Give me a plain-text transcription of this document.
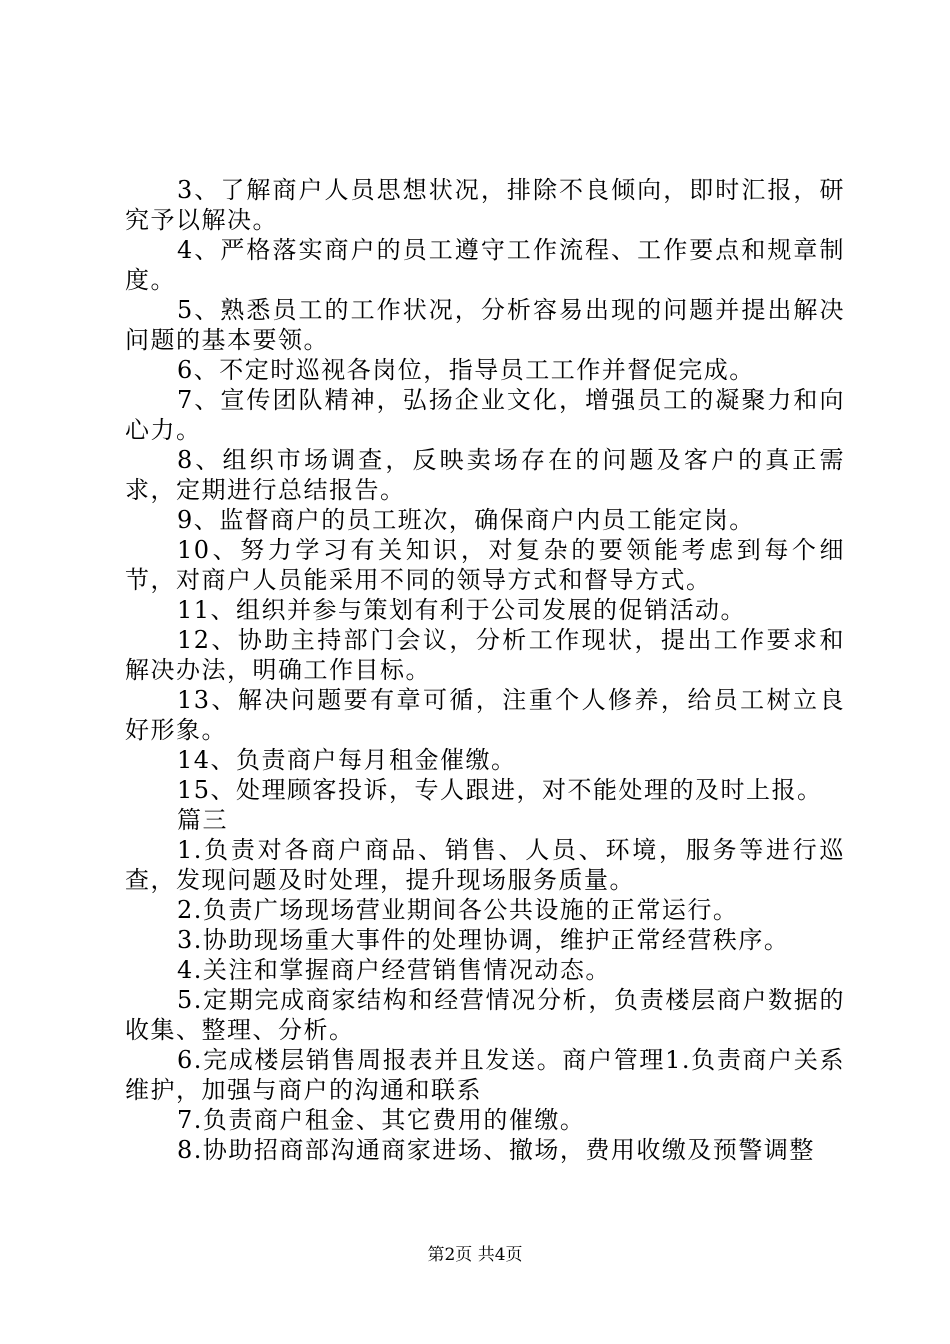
3、了解商户人员思想状况，排除不良倾向，即时汇报，研究予以解决。

4、严格落实商户的员工遵守工作流程、工作要点和规章制度。

5、熟悉员工的工作状况，分析容易出现的问题并提出解决问题的基本要领。

6、不定时巡视各岗位，指导员工工作并督促完成。

7、宣传团队精神，弘扬企业文化，增强员工的凝聚力和向心力。

8、组织市场调查，反映卖场存在的问题及客户的真正需求，定期进行总结报告。

9、监督商户的员工班次，确保商户内员工能定岗。

10、努力学习有关知识，对复杂的要领能考虑到每个细节，对商户人员能采用不同的领导方式和督导方式。

11、组织并参与策划有利于公司发展的促销活动。

12、协助主持部门会议，分析工作现状，提出工作要求和解决办法，明确工作目标。

13、解决问题要有章可循，注重个人修养，给员工树立良好形象。

14、负责商户每月租金催缴。

15、处理顾客投诉，专人跟进，对不能处理的及时上报。

篇三

1.负责对各商户商品、销售、人员、环境，服务等进行巡查，发现问题及时处理，提升现场服务质量。

2.负责广场现场营业期间各公共设施的正常运行。

3.协助现场重大事件的处理协调，维护正常经营秩序。

4.关注和掌握商户经营销售情况动态。

5.定期完成商家结构和经营情况分析，负责楼层商户数据的收集、整理、分析。

6.完成楼层销售周报表并且发送。商户管理1.负责商户关系维护，加强与商户的沟通和联系

7.负责商户租金、其它费用的催缴。

8.协助招商部沟通商家进场、撤场，费用收缴及预警调整

第2页 共4页
